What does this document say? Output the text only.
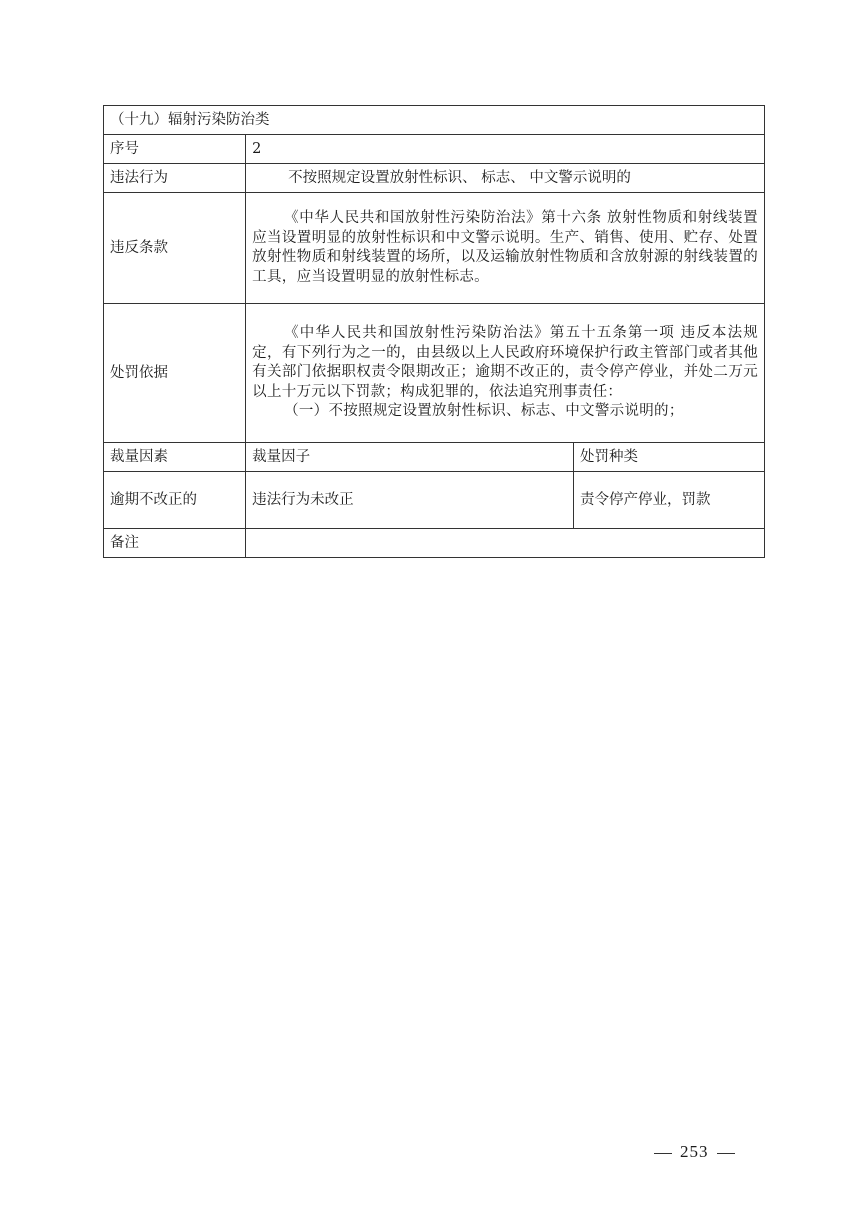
（十九）辐射污染防治类		
序号	2	
违法行为	不按照规定设置放射性标识、 标志、 中文警示说明的	
违反条款	《中华人民共和国放射性污染防治法》第十六条 放射性物质和射线装置应当设置明显的放射性标识和中文警示说明。生产、销售、使用、贮存、处置放射性物质和射线装置的场所，以及运输放射性物质和含放射源的射线装置的工具，应当设置明显的放射性标志。	

处罚依据	《中华人民共和国放射性污染防治法》第五十五条第一项 违反本法规定，有下列行为之一的，由县级以上人民政府环境保护行政主管部门或者其他有关部门依据职权责令限期改正；逾期不改正的，责令停产停业，并处二万元以上十万元以下罚款；构成犯罪的，依法追究刑事责任：

（一）不按照规定设置放射性标识、标志、中文警示说明的；	

裁量因素	裁量因子	处罚种类
逾期不改正的	违法行为未改正	责令停产停业，罚款
备注		
253
